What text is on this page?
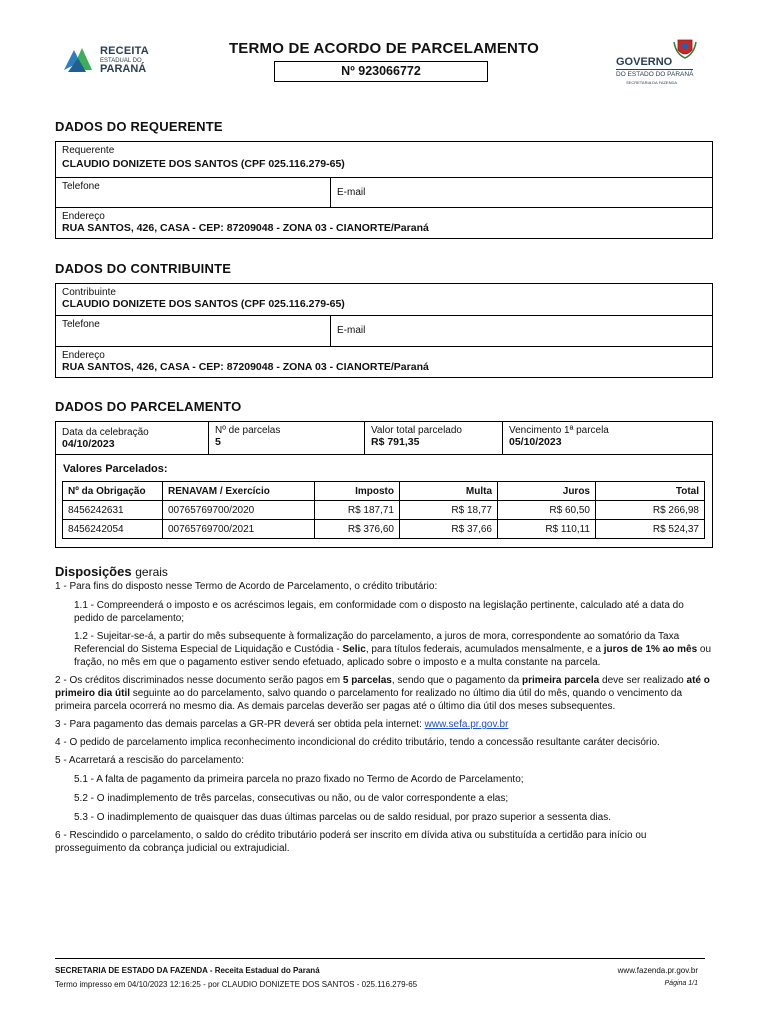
RECEITA
ESTADUAL DO
PARANÁ
TERMO DE ACORDO DE PARCELAMENTO
Nº 923066772
GOVERNO
DO ESTADO DO PARANÁ
SECRETARIA DA FAZENDA
DADOS DO REQUERENTE
Requerente
CLAUDIO DONIZETE DOS SANTOS (CPF 025.116.279-65)
Telefone
E-mail
Endereço
RUA SANTOS, 426, CASA - CEP: 87209048 - ZONA 03 - CIANORTE/Paraná
DADOS DO CONTRIBUINTE
Contribuinte
CLAUDIO DONIZETE DOS SANTOS (CPF 025.116.279-65)
Telefone
E-mail
Endereço
RUA SANTOS, 426, CASA - CEP: 87209048 - ZONA 03 - CIANORTE/Paraná
DADOS DO PARCELAMENTO
Data da celebração
04/10/2023
Nº de parcelas
5
Valor total parcelado
R$ 791,35
Vencimento 1ª parcela
05/10/2023
Valores Parcelados:
Nº da Obrigação	RENAVAM / Exercício	Imposto	Multa	Juros	Total
8456242631	00765769700/2020	R$ 187,71	R$ 18,77	R$ 60,50	R$ 266,98
8456242054	00765769700/2021	R$ 376,60	R$ 37,66	R$ 110,11	R$ 524,37
Disposições gerais

1 - Para fins do disposto nesse Termo de Acordo de Parcelamento, o crédito tributário:

1.1 - Compreenderá o imposto e os acréscimos legais, em conformidade com o disposto na legislação pertinente, calculado até a data do pedido de parcelamento;

1.2 - Sujeitar-se-á, a partir do mês subsequente à formalização do parcelamento, a juros de mora, correspondente ao somatório da Taxa Referencial do Sistema Especial de Liquidação e Custódia - Selic, para títulos federais, acumulados mensalmente, e a juros de 1% ao mês ou fração, no mês em que o pagamento estiver sendo efetuado, aplicado sobre o imposto e a multa constante na parcela.

2 - Os créditos discriminados nesse documento serão pagos em 5 parcelas, sendo que o pagamento da primeira parcela deve ser realizado até o primeiro dia útil seguinte ao do parcelamento, salvo quando o parcelamento for realizado no último dia útil do mês, quando o vencimento da primeira parcela ocorrerá no mesmo dia. As demais parcelas deverão ser pagas até o último dia útil dos meses subsequentes.

3 - Para pagamento das demais parcelas a GR-PR deverá ser obtida pela internet: www.sefa.pr.gov.br

4 - O pedido de parcelamento implica reconhecimento incondicional do crédito tributário, tendo a concessão resultante caráter decisório.

5 - Acarretará a rescisão do parcelamento:

5.1 - A falta de pagamento da primeira parcela no prazo fixado no Termo de Acordo de Parcelamento;

5.2 - O inadimplemento de três parcelas, consecutivas ou não, ou de valor correspondente a elas;

5.3 - O inadimplemento de quaisquer das duas últimas parcelas ou de saldo residual, por prazo superior a sessenta dias.

6 - Rescindido o parcelamento, o saldo do crédito tributário poderá ser inscrito em dívida ativa ou substituída a certidão para início ou prosseguimento da cobrança judicial ou extrajudicial.

SECRETARIA DE ESTADO DA FAZENDA - Receita Estadual do Paraná
Termo impresso em 04/10/2023 12:16:25 - por CLAUDIO DONIZETE DOS SANTOS - 025.116.279-65
www.fazenda.pr.gov.br
Página 1/1
